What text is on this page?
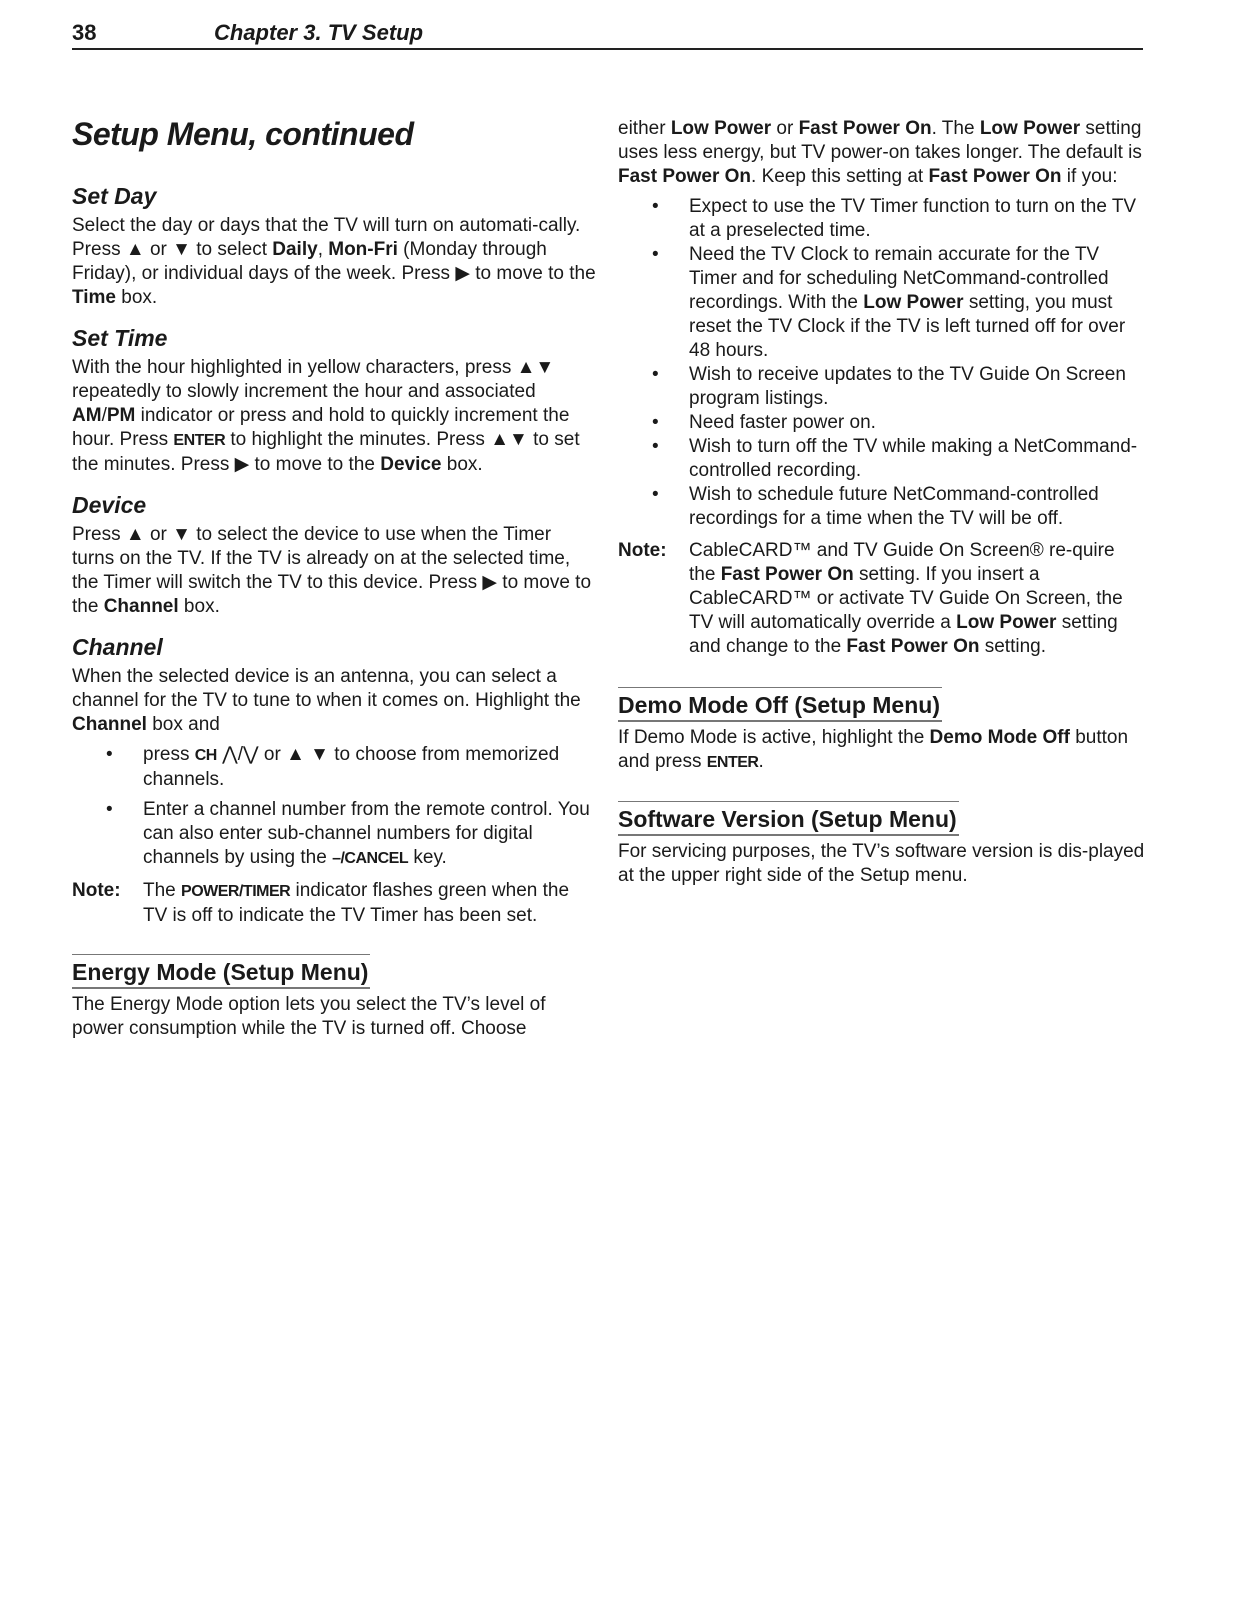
38	Chapter 3. TV Setup
Setup Menu, continued
Set Day

Select the day or days that the TV will turn on automati-cally. Press ▲ or ▼ to select Daily, Mon-Fri (Monday through Friday), or individual days of the week. Press ▶ to move to the Time box.

Set Time

With the hour highlighted in yellow characters, press ▲▼ repeatedly to slowly increment the hour and associated AM/PM indicator or press and hold to quickly increment the hour. Press ENTER to highlight the minutes. Press ▲▼ to set the minutes. Press ▶ to move to the Device box.

Device

Press ▲ or ▼ to select the device to use when the Timer turns on the TV. If the TV is already on at the selected time, the Timer will switch the TV to this device. Press ▶ to move to the Channel box.

Channel

When the selected device is an antenna, you can select a channel for the TV to tune to when it comes on. Highlight the Channel box and

• press CH ⋀/⋁ or ▲ ▼ to choose from memorized channels.
• Enter a channel number from the remote control. You can also enter sub-channel numbers for digital channels by using the –/CANCEL key.
Note: The POWER/TIMER indicator flashes green when the TV is off to indicate the TV Timer has been set.
Energy Mode (Setup Menu)

The Energy Mode option lets you select the TV’s level of power consumption while the TV is turned off. Choose

either Low Power or Fast Power On. The Low Power setting uses less energy, but TV power-on takes longer. The default is Fast Power On. Keep this setting at Fast Power On if you:

• Expect to use the TV Timer function to turn on the TV at a preselected time.
• Need the TV Clock to remain accurate for the TV Timer and for scheduling NetCommand-controlled recordings. With the Low Power setting, you must reset the TV Clock if the TV is left turned off for over 48 hours.
• Wish to receive updates to the TV Guide On Screen program listings.
• Need faster power on.
• Wish to turn off the TV while making a NetCommand-controlled recording.
• Wish to schedule future NetCommand-controlled recordings for a time when the TV will be off.
Note: CableCARD™ and TV Guide On Screen® re-quire the Fast Power On setting. If you insert a CableCARD™ or activate TV Guide On Screen, the TV will automatically override a Low Power setting and change to the Fast Power On setting.
Demo Mode Off (Setup Menu)

If Demo Mode is active, highlight the Demo Mode Off button and press ENTER.

Software Version (Setup Menu)

For servicing purposes, the TV’s software version is dis-played at the upper right side of the Setup menu.
